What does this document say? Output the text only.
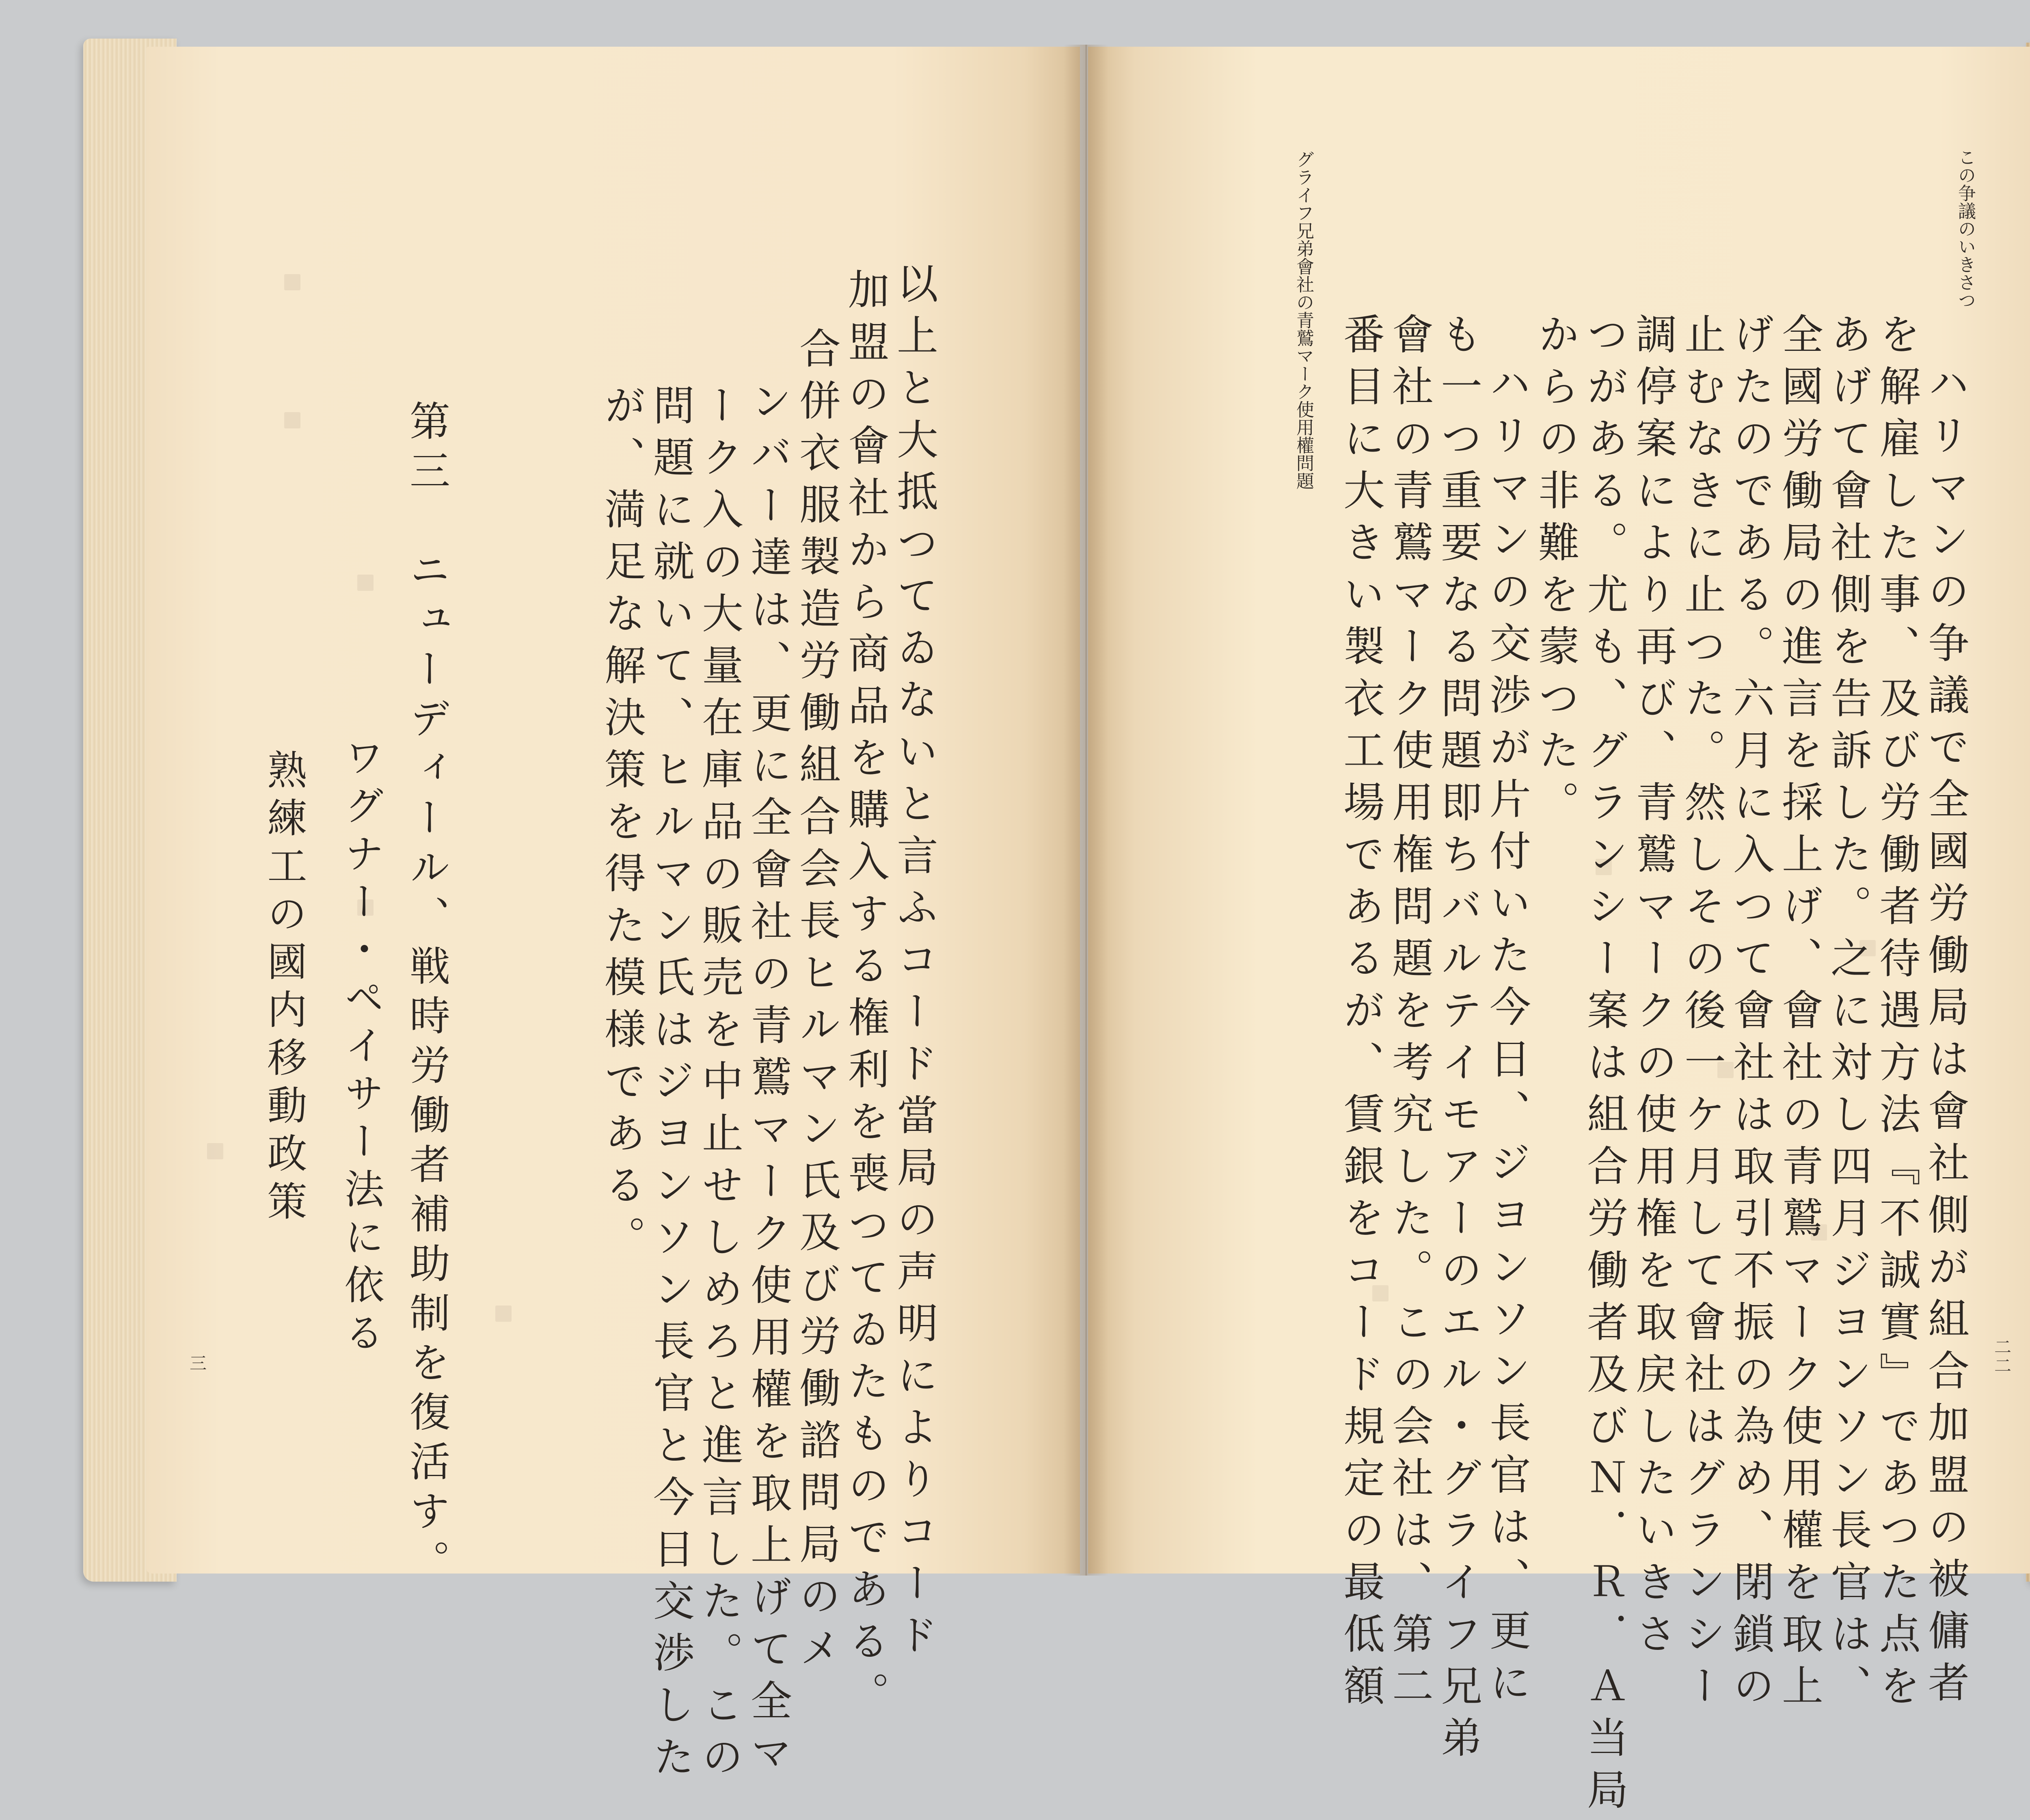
以上と大抵つてゐないと言ふコード當局の声明によりコード
加盟の會社から商品を購入する権利を喪つてゐたものである。
合併衣服製造労働組合会長ヒルマン氏及び労働諮問局のメ
ンバー達は、更に全會社の青鷲マーク使用權を取上げて全マ
ーク入の大量在庫品の販売を中止せしめろと進言した。この
問題に就いて、ヒルマン氏はジヨンソン長官と今日交渉した
が、満足な解決策を得た模様である。
第三　ニューディール、戦時労働者補助制を復活す。
ワグナー・ペイサー法に依る
熟練工の國内移動政策
三
この争議のいきさつ
グライフ兄弟會社の青鷲マーク使用權問題
ハリマンの争議で全國労働局は會社側が組合加盟の被傭者
を解雇した事、及び労働者待遇方法『不誠實』であつた点を
あげて會社側を告訴した。之に対し四月ジヨンソン長官は、
全國労働局の進言を採上げ、會社の青鷲マーク使用權を取上
げたのである。六月に入つて會社は取引不振の為め、閉鎖の
止むなきに止つた。然しその後一ケ月して會社はグランシー
調停案により再び、青鷲マークの使用権を取戻したいきさ
つがある。尤も、グランシー案は組合労働者及びＮ．Ｒ．Ａ当局
からの非難を蒙つた。
ハリマンの交渉が片付いた今日、ジヨンソン長官は、更に
も一つ重要なる問題即ちバルテイモアーのエル・グライフ兄弟
會社の青鷲マーク使用権問題を考究した。この会社は、第二
番目に大きい製衣工場であるが、賃銀をコード規定の最低額	二二
